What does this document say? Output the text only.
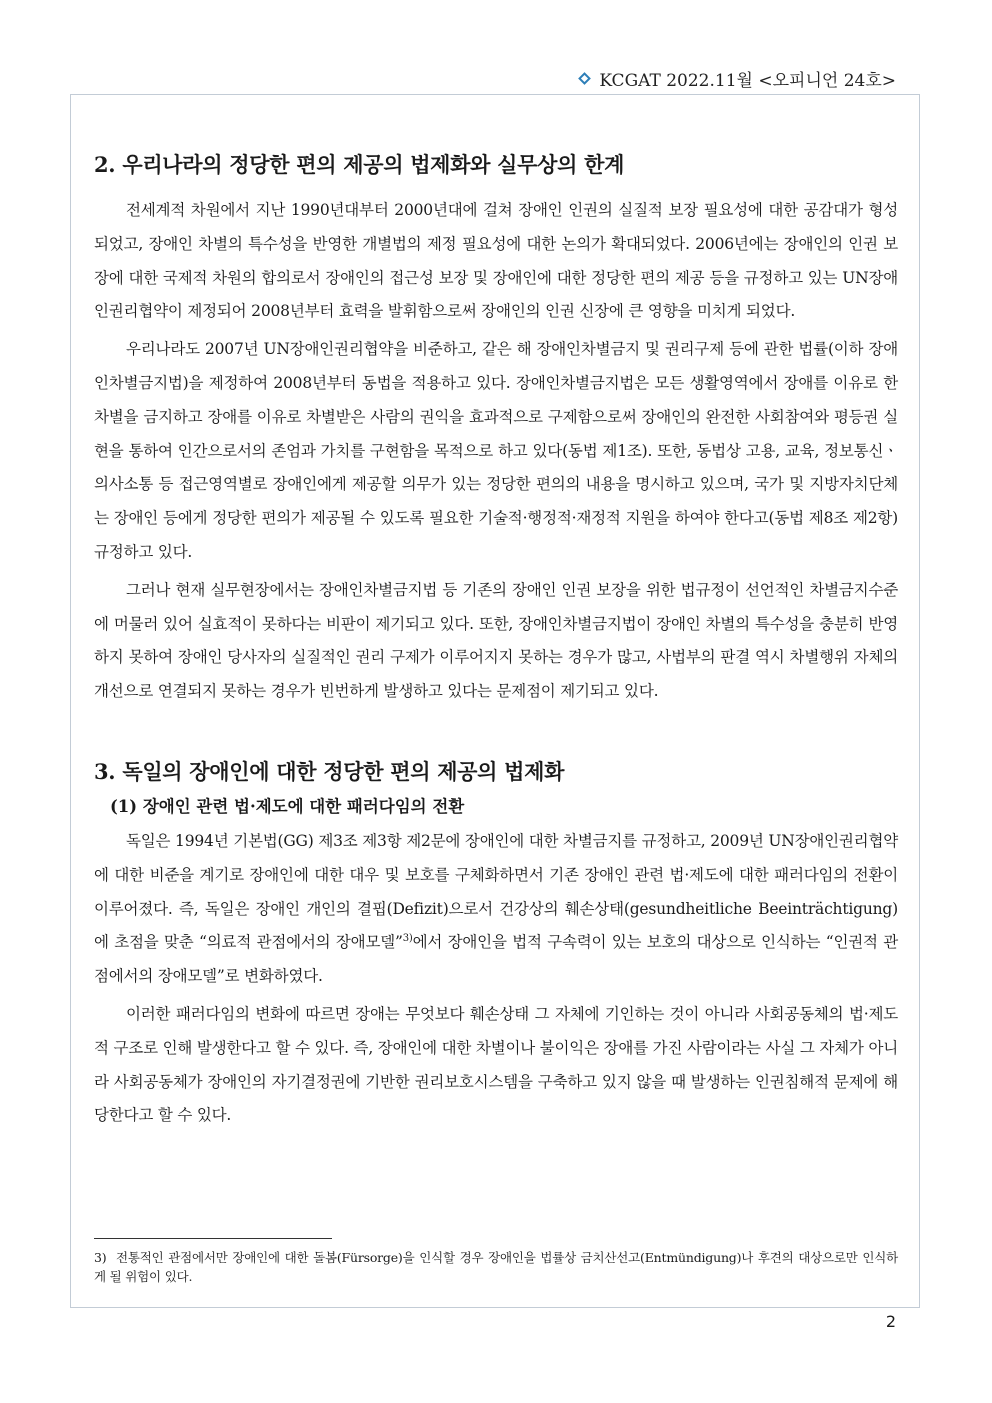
KCGAT 2022.11월 <오피니언 24호>
2. 우리나라의 정당한 편의 제공의 법제화와 실무상의 한계

전세계적 차원에서 지난 1990년대부터 2000년대에 걸쳐 장애인 인권의 실질적 보장 필요성에 대한 공감대가 형성되었고, 장애인 차별의 특수성을 반영한 개별법의 제정 필요성에 대한 논의가 확대되었다. 2006년에는 장애인의 인권 보장에 대한 국제적 차원의 합의로서 장애인의 접근성 보장 및 장애인에 대한 정당한 편의 제공 등을 규정하고 있는 UN장애인권리협약이 제정되어 2008년부터 효력을 발휘함으로써 장애인의 인권 신장에 큰 영향을 미치게 되었다.

우리나라도 2007년 UN장애인권리협약을 비준하고, 같은 해 장애인차별금지 및 권리구제 등에 관한 법률(이하 장애인차별금지법)을 제정하여 2008년부터 동법을 적용하고 있다. 장애인차별금지법은 모든 생활영역에서 장애를 이유로 한 차별을 금지하고 장애를 이유로 차별받은 사람의 권익을 효과적으로 구제함으로써 장애인의 완전한 사회참여와 평등권 실현을 통하여 인간으로서의 존엄과 가치를 구현함을 목적으로 하고 있다(동법 제1조). 또한, 동법상 고용, 교육, 정보통신ㆍ의사소통 등 접근영역별로 장애인에게 제공할 의무가 있는 정당한 편의의 내용을 명시하고 있으며, 국가 및 지방자치단체는 장애인 등에게 정당한 편의가 제공될 수 있도록 필요한 기술적·행정적·재정적 지원을 하여야 한다고(동법 제8조 제2항) 규정하고 있다.

그러나 현재 실무현장에서는 장애인차별금지법 등 기존의 장애인 인권 보장을 위한 법규정이 선언적인 차별금지수준에 머물러 있어 실효적이 못하다는 비판이 제기되고 있다. 또한, 장애인차별금지법이 장애인 차별의 특수성을 충분히 반영하지 못하여 장애인 당사자의 실질적인 권리 구제가 이루어지지 못하는 경우가 많고, 사법부의 판결 역시 차별행위 자체의 개선으로 연결되지 못하는 경우가 빈번하게 발생하고 있다는 문제점이 제기되고 있다.

3. 독일의 장애인에 대한 정당한 편의 제공의 법제화

(1) 장애인 관련 법·제도에 대한 패러다임의 전환

독일은 1994년 기본법(GG) 제3조 제3항 제2문에 장애인에 대한 차별금지를 규정하고, 2009년 UN장애인권리협약에 대한 비준을 계기로 장애인에 대한 대우 및 보호를 구체화하면서 기존 장애인 관련 법·제도에 대한 패러다임의 전환이 이루어졌다. 즉, 독일은 장애인 개인의 결핍(Defizit)으로서 건강상의 훼손상태(gesundheitliche Beeinträchtigung)에 초점을 맞춘 “의료적 관점에서의 장애모델”$^{3)}$에서 장애인을 법적 구속력이 있는 보호의 대상으로 인식하는 “인권적 관점에서의 장애모델”로 변화하였다.

이러한 패러다임의 변화에 따르면 장애는 무엇보다 훼손상태 그 자체에 기인하는 것이 아니라 사회공동체의 법·제도적 구조로 인해 발생한다고 할 수 있다. 즉, 장애인에 대한 차별이나 불이익은 장애를 가진 사람이라는 사실 그 자체가 아니라 사회공동체가 장애인의 자기결정권에 기반한 권리보호시스템을 구축하고 있지 않을 때 발생하는 인권침해적 문제에 해당한다고 할 수 있다.

3) 전통적인 관점에서만 장애인에 대한 돌봄(Fürsorge)을 인식할 경우 장애인을 법률상 금치산선고(Entmündigung)나 후견의 대상으로만 인식하게 될 위험이 있다.
2
